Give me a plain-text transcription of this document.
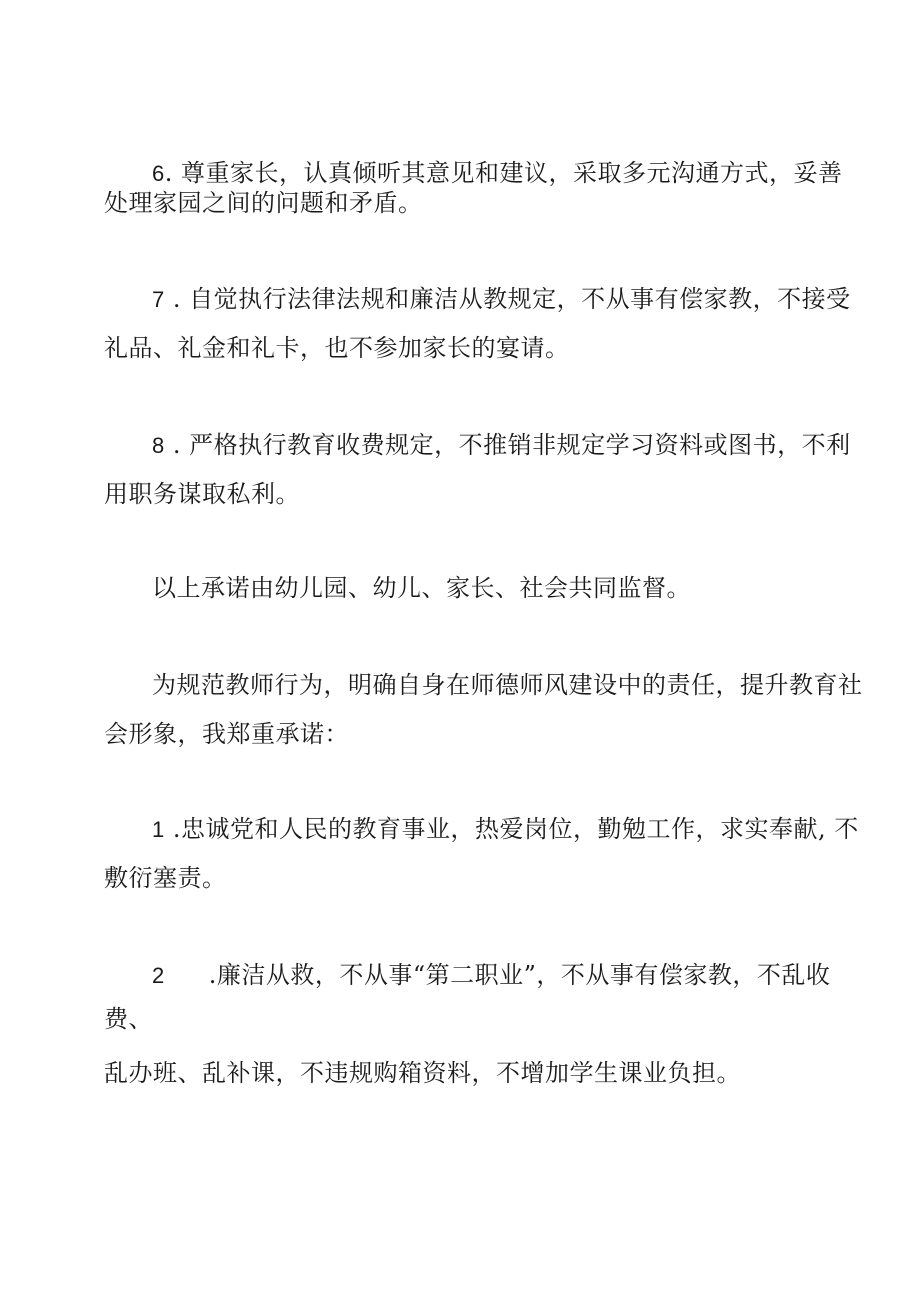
6. 尊重家长，认真倾听其意见和建议，采取多元沟通方式，妥善
处理家园之间的问题和矛盾。
7 . 自觉执行法律法规和廉洁从教规定，不从事有偿家教，不接受
礼品、礼金和礼卡，也不参加家长的宴请。
8 . 严格执行教育收费规定，不推销非规定学习资料或图书，不利
用职务谋取私利。
以上承诺由幼儿园、幼儿、家长、社会共同监督。
为规范教师行为，明确自身在师德师风建设中的责任，提升教育社
会形象，我郑重承诺：
1 .忠诚党和人民的教育事业，热爱岗位，勤勉工作，求实奉献, 不
敷衍塞责。
2 .廉洁从救，不从事“第二职业”，不从事有偿家教，不乱收
费、
乱办班、乱补课，不违规购箱资料，不增加学生课业负担。
